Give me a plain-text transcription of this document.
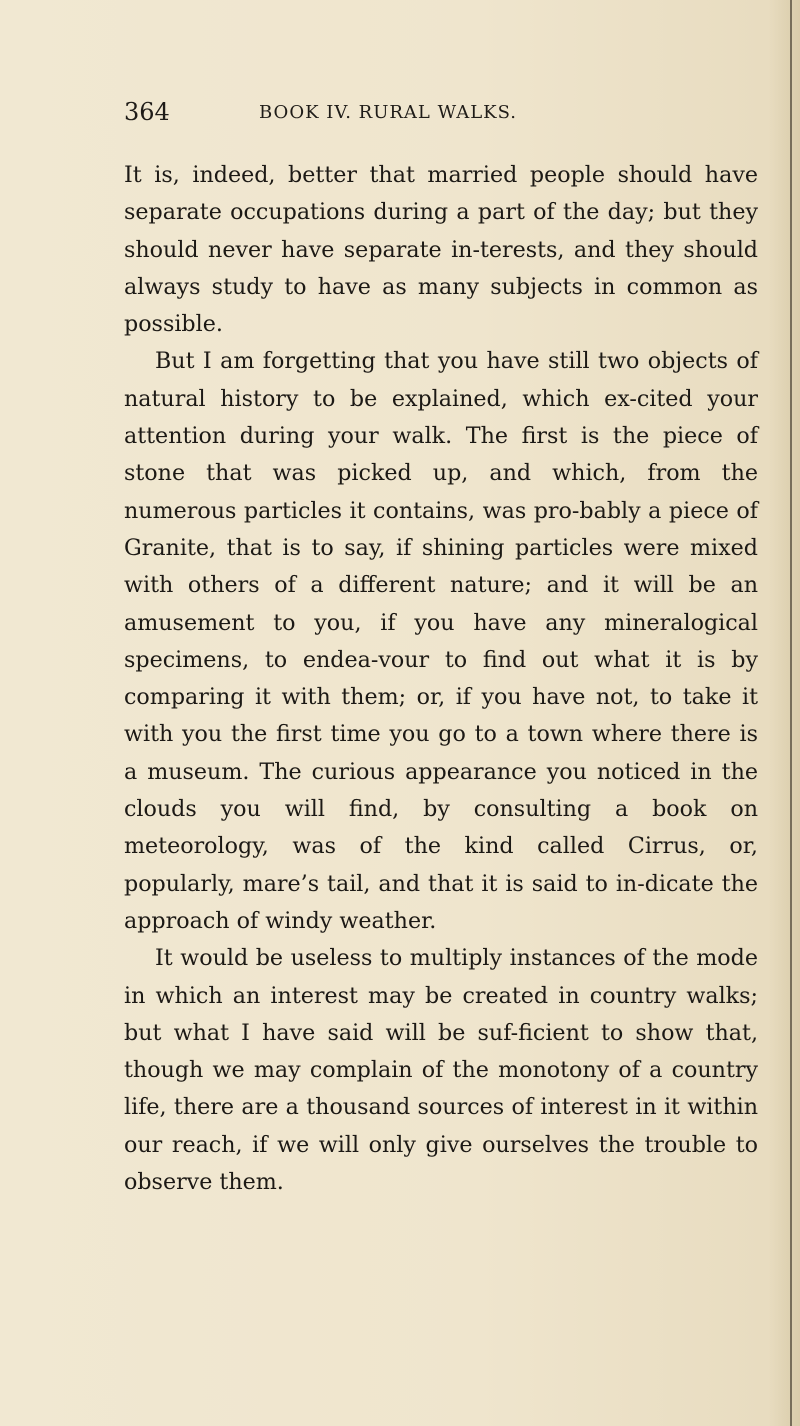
364	BOOK IV. RURAL WALKS.

It is, indeed, better that married people should have separate occupations during a part of the day; but they should never have separate in-terests, and they should always study to have as many subjects in common as possible.

But I am forgetting that you have still two objects of natural history to be explained, which ex-cited your attention during your walk. The first is the piece of stone that was picked up, and which, from the numerous particles it contains, was pro-bably a piece of Granite, that is to say, if shining particles were mixed with others of a different nature; and it will be an amusement to you, if you have any mineralogical specimens, to endea-vour to find out what it is by comparing it with them; or, if you have not, to take it with you the first time you go to a town where there is a museum. The curious appearance you noticed in the clouds you will find, by consulting a book on meteorology, was of the kind called Cirrus, or, popularly, mare’s tail, and that it is said to in-dicate the approach of windy weather.

It would be useless to multiply instances of the mode in which an interest may be created in country walks; but what I have said will be suf-ficient to show that, though we may complain of the monotony of a country life, there are a thousand sources of interest in it within our reach, if we will only give ourselves the trouble to observe them.
